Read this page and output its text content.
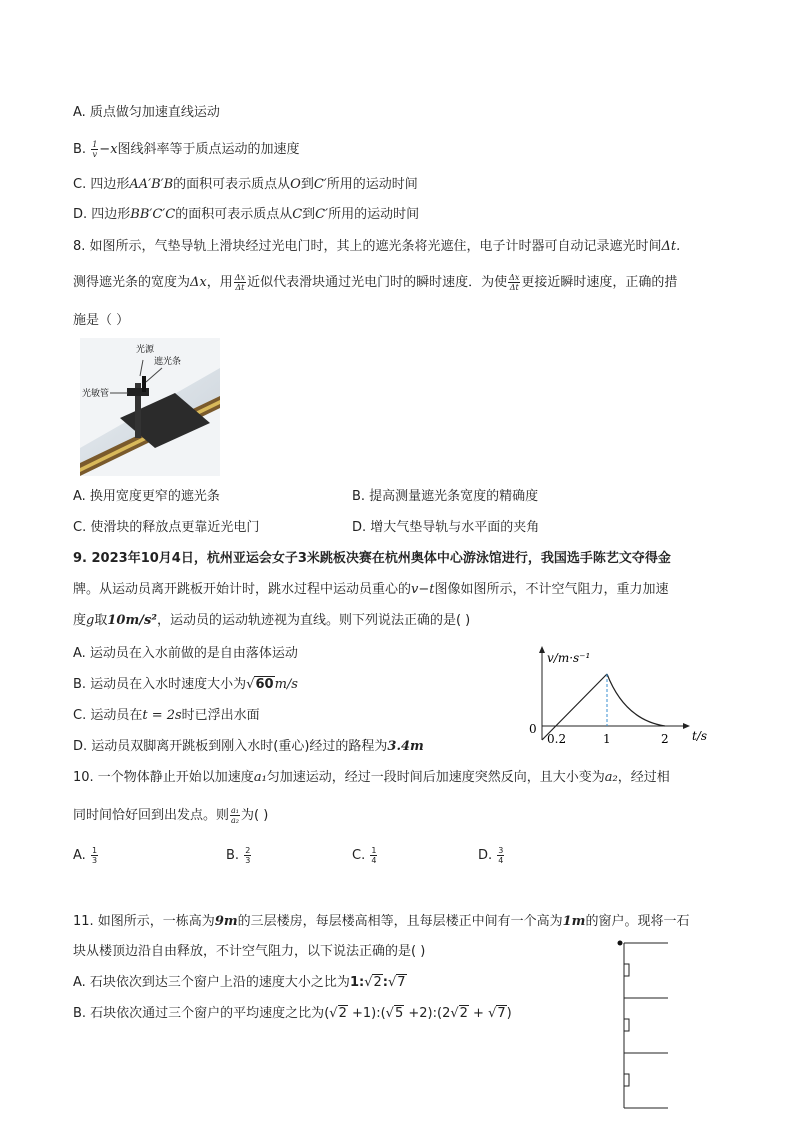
A. 质点做匀加速直线运动
B. $\frac{1}{v} -x$图线斜率等于质点运动的加速度
C. 四边形AA′B′B的面积可表示质点从O到C′所用的运动时间
D. 四边形BB′C′C的面积可表示质点从C到C′所用的运动时间
8. 如图所示，气垫导轨上滑块经过光电门时，其上的遮光条将光遮住，电子计时器可自动记录遮光时间Δt.
测得遮光条的宽度为Δx，用 $\frac{\Delta x}{\Delta t}$ 近似代表滑块通过光电门时的瞬时速度．为使 $\frac{\Delta x}{\Delta t}$ 更接近瞬时速度，正确的措
施是（ ）
光源
遮光条
光敏管
A. 换用宽度更窄的遮光条	B. 提高测量遮光条宽度的精确度
C. 使滑块的释放点更靠近光电门	D. 增大气垫导轨与水平面的夹角
9. 2023年10月4日，杭州亚运会女子3米跳板决赛在杭州奥体中心游泳馆进行，我国选手陈艺文夺得金
牌。从运动员离开跳板开始计时，跳水过程中运动员重心的v−t图像如图所示，不计空气阻力，重力加速
度g取10m/s²，运动员的运动轨迹视为直线。则下列说法正确的是( )
A. 运动员在入水前做的是自由落体运动
B. 运动员在入水时速度大小为√60m/s
C. 运动员在t = 2s时已浮出水面
D. 运动员双脚离开跳板到刚入水时(重心)经过的路程为3.4m
v/m·s⁻¹
t/s
0
0.2	1	2
10. 一个物体静止开始以加速度a₁匀加速运动，经过一段时间后加速度突然反向，且大小变为a₂，经过相
同时间恰好回到出发点。则 $\frac{\text{a₁}}{\text{a₂}}$ 为( )
A. $\frac{1}{3}$	B. $\frac{2}{3}$	C. $\frac{1}{4}$	D. $\frac{3}{4}$
11. 如图所示，一栋高为9m的三层楼房，每层楼高相等，且每层楼正中间有一个高为1m的窗户。现将一石
块从楼顶边沿自由释放，不计空气阻力，以下说法正确的是( )
A. 石块依次到达三个窗户上沿的速度大小之比为1:√2:√7
B. 石块依次通过三个窗户的平均速度之比为(√2 +1):(√5 +2):(2√2 + √7)
